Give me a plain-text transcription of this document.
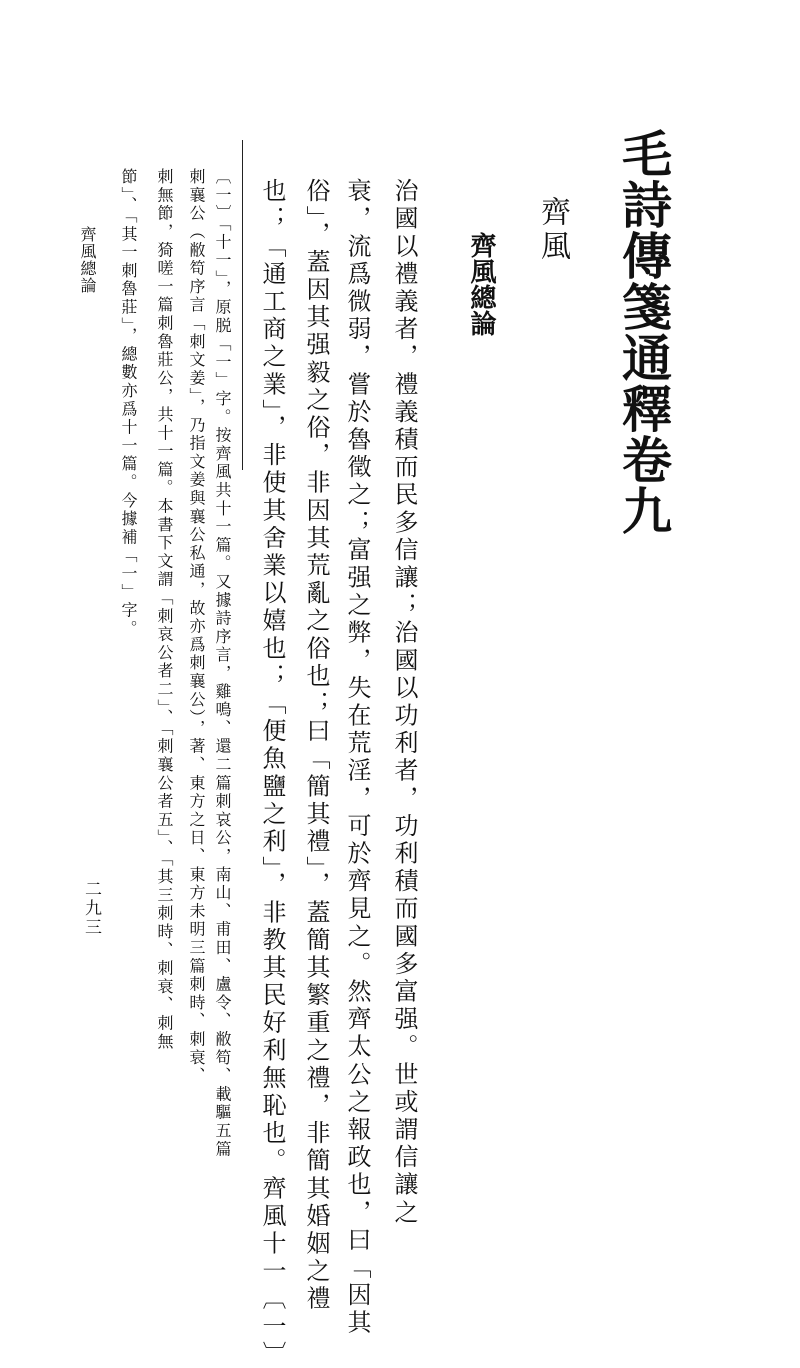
毛詩傳箋通釋卷九
齊風
齊風總論
治國以禮義者，禮義積而民多信讓；治國以功利者，功利積而國多富强。世或謂信讓之
衰，流爲微弱，嘗於魯徵之；富强之弊，失在荒淫，可於齊見之。然齊太公之報政也，曰「因其
俗」，蓋因其强毅之俗，非因其荒亂之俗也；曰「簡其禮」，蓋簡其繁重之禮，非簡其婚姻之禮
也；「通工商之業」，非使其舍業以嬉也；「便魚鹽之利」，非教其民好利無恥也。齊風十一〔一〕
〔一〕「十一」，原脱「一」字。按齊風共十一篇。又據詩序言，雞鳴、還二篇刺哀公，南山、甫田、盧令、敝笱、載驅五篇
刺襄公（敝笱序言「刺文姜」，乃指文姜與襄公私通，故亦爲刺襄公），著、東方之日、東方未明三篇刺時、刺衰、
刺無節，猗嗟一篇刺魯莊公，共十一篇。本書下文謂「刺哀公者二」、「刺襄公者五」、「其三刺時、刺衰、刺無
節」、「其一刺魯莊」，總數亦爲十一篇。今據補「一」字。
齊風總論
二九三
